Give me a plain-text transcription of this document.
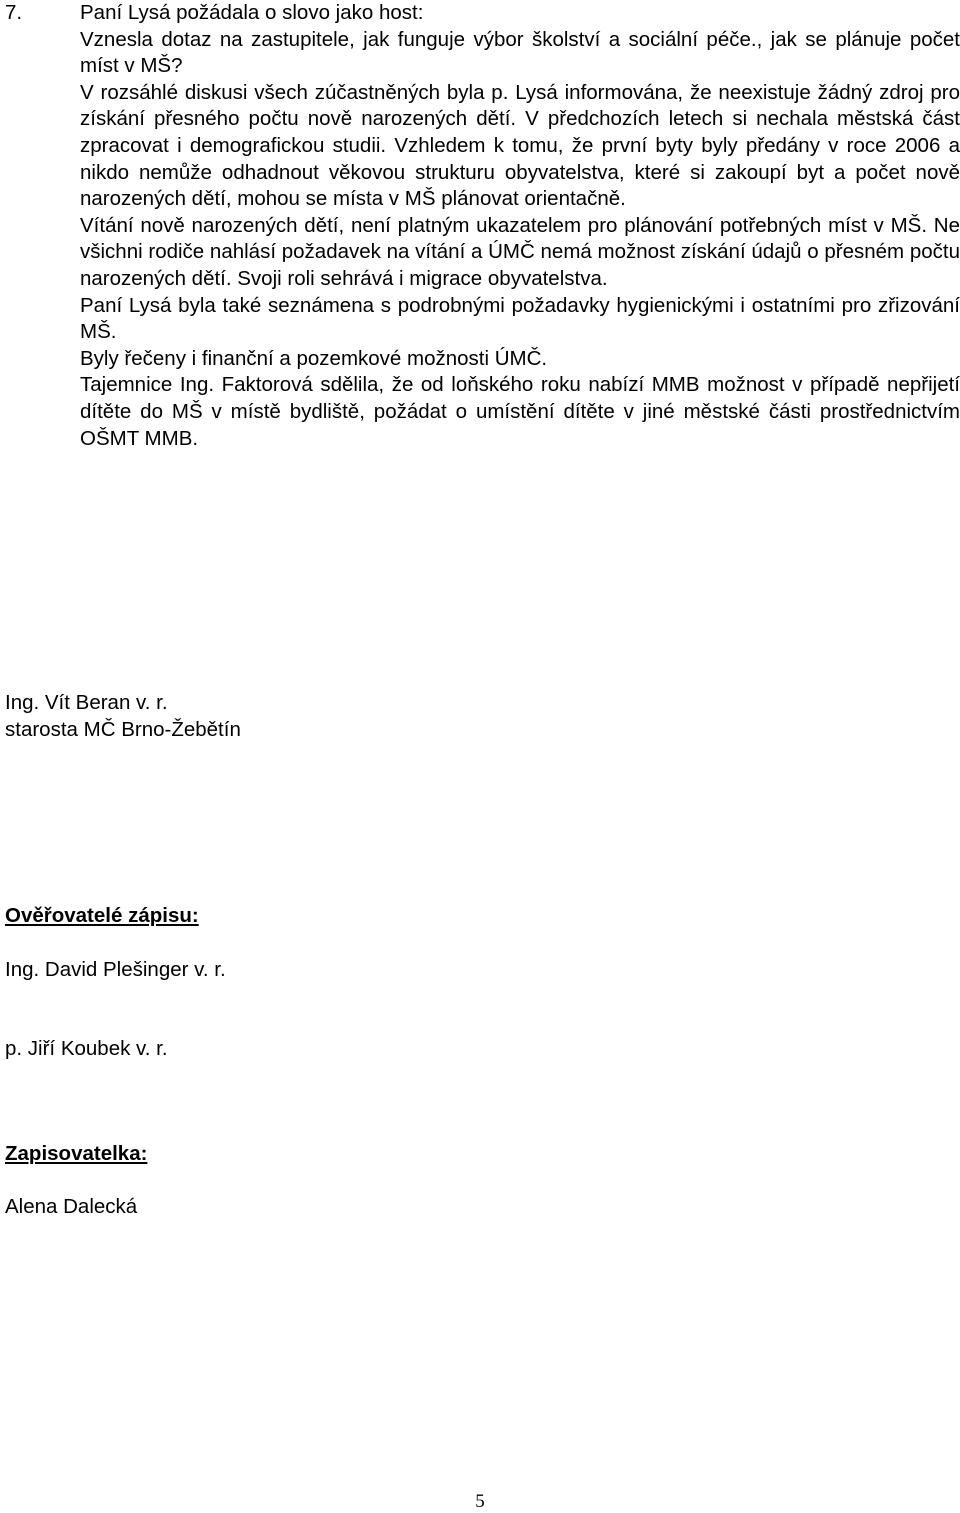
7.	Paní Lysá požádala o slovo jako host:

Vznesla dotaz na zastupitele, jak funguje výbor školství a sociální péče., jak se plánuje počet míst v MŠ?

V rozsáhlé diskusi všech zúčastněných byla p. Lysá informována, že neexistuje žádný zdroj pro získání přesného počtu nově narozených dětí. V předchozích letech si nechala městská část zpracovat i demografickou studii. Vzhledem k tomu, že první byty byly předány v roce 2006 a nikdo nemůže odhadnout věkovou strukturu obyvatelstva, které si zakoupí byt a počet nově narozených dětí, mohou se místa v MŠ plánovat orientačně.

Vítání nově narozených dětí, není platným ukazatelem pro plánování potřebných míst v MŠ. Ne všichni rodiče nahlásí požadavek na vítání a ÚMČ nemá možnost získání údajů o přesném počtu narozených dětí. Svoji roli sehrává i migrace obyvatelstva.

Paní Lysá byla také seznámena s podrobnými požadavky hygienickými i ostatními pro zřizování MŠ.

Byly řečeny i finanční a pozemkové možnosti ÚMČ.

Tajemnice Ing. Faktorová sdělila, že od loňského roku nabízí MMB možnost v případě nepřijetí dítěte do MŠ v místě bydliště, požádat o umístění dítěte v jiné městské části prostřednictvím OŠMT MMB.

Ing. Vít Beran v. r.

starosta MČ Brno-Žebětín

Ověřovatelé zápisu:

Ing. David Plešinger v. r.

p. Jiří Koubek v. r.

Zapisovatelka:

Alena Dalecká

5
